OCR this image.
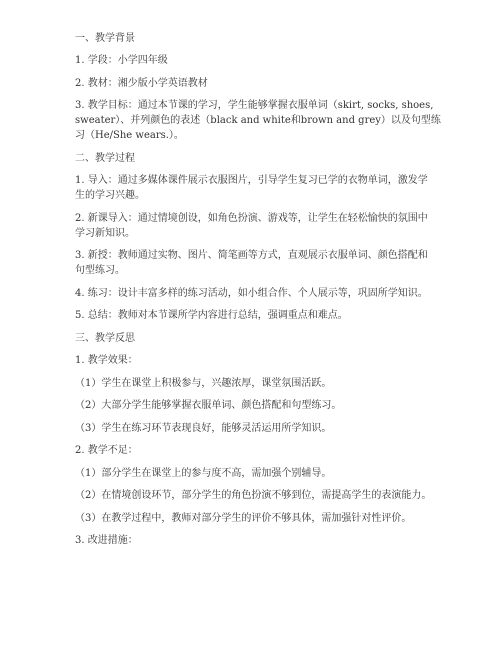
一、教学背景
1. 学段：小学四年级
2. 教材：湘少版小学英语教材
3. 教学目标：通过本节课的学习，学生能够掌握衣服单词（skirt, socks, shoes,
sweater）、并列颜色的表述（black and white和brown and grey）以及句型练
习（He/She wears.）。
二、教学过程
1. 导入：通过多媒体课件展示衣服图片，引导学生复习已学的衣物单词，激发学
生的学习兴趣。
2. 新课导入：通过情境创设，如角色扮演、游戏等，让学生在轻松愉快的氛围中
学习新知识。
3. 新授：教师通过实物、图片、简笔画等方式，直观展示衣服单词、颜色搭配和
句型练习。
4. 练习：设计丰富多样的练习活动，如小组合作、个人展示等，巩固所学知识。
5. 总结：教师对本节课所学内容进行总结，强调重点和难点。
三、教学反思
1. 教学效果：
（1）学生在课堂上积极参与，兴趣浓厚，课堂氛围活跃。
（2）大部分学生能够掌握衣服单词、颜色搭配和句型练习。
（3）学生在练习环节表现良好，能够灵活运用所学知识。
2. 教学不足：
（1）部分学生在课堂上的参与度不高，需加强个别辅导。
（2）在情境创设环节，部分学生的角色扮演不够到位，需提高学生的表演能力。
（3）在教学过程中，教师对部分学生的评价不够具体，需加强针对性评价。
3. 改进措施：
